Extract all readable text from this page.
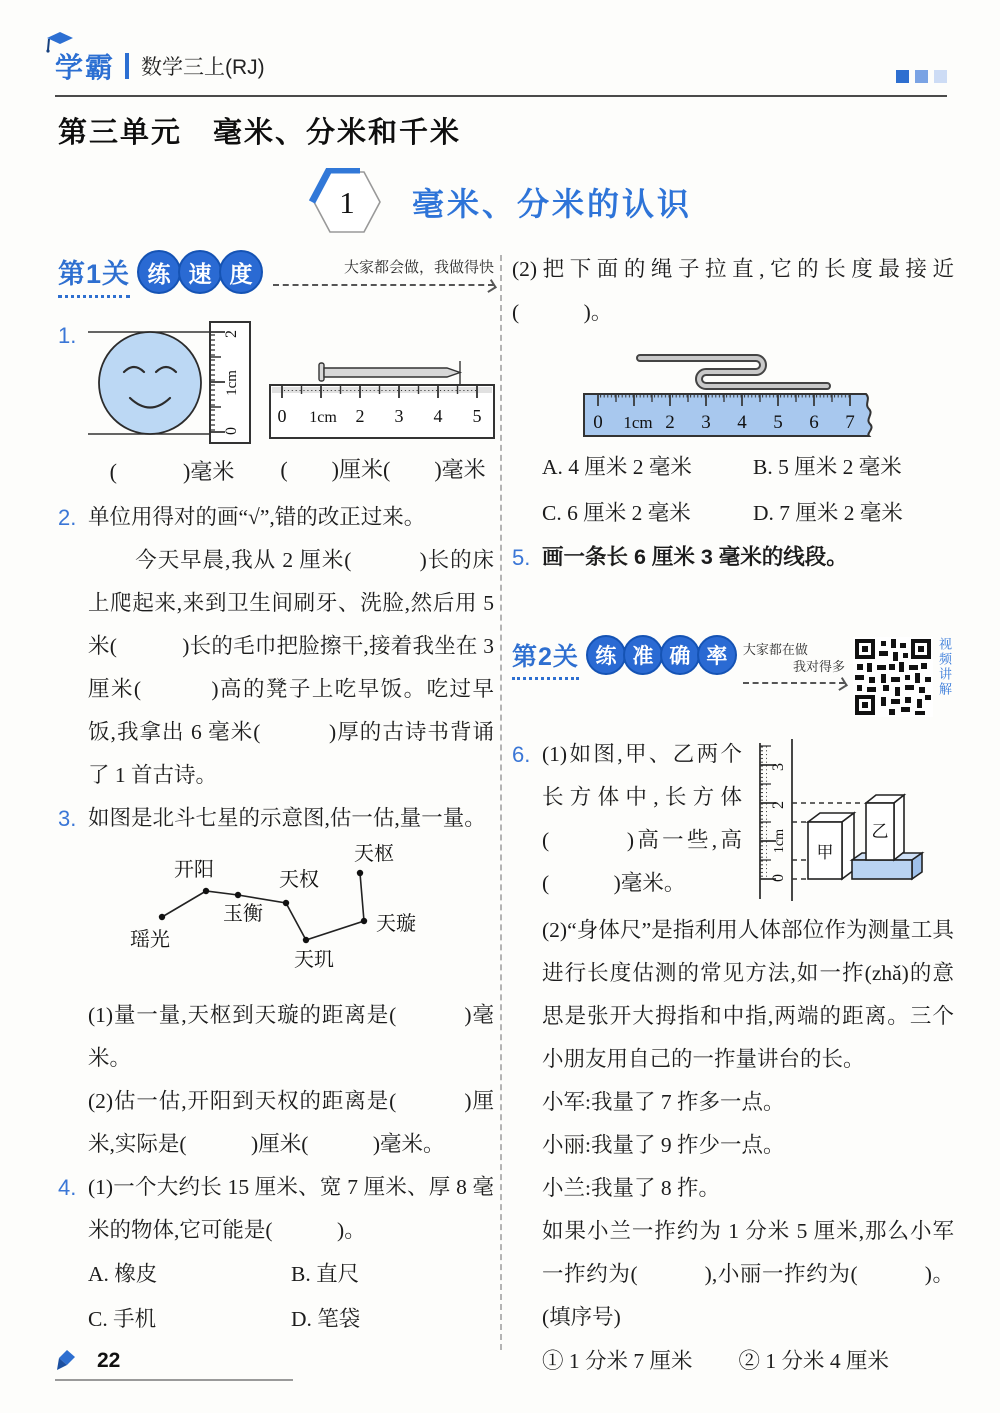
学霸 数学三上(RJ)
第三单元　毫米、分米和千米
1 毫米、分米的认识
第1关 练 速 度	大家都会做，我做得快
1.	2
1cm
0
(　　　)毫米
0 1cm 2 3 4 5
(　　)厘米(　　)毫米
2. 单位用得对的画“√”,错的改正过来。

今天早晨,我从 2 厘米(　　　)长的床上爬起来,来到卫生间刷牙、洗脸,然后用 5 米(　　　)长的毛巾把脸擦干,接着我坐在 3 厘米(　　　)高的凳子上吃早饭。吃过早饭,我拿出 6 毫米(　　　)厚的古诗书背诵了 1 首古诗。

3. 如图是北斗七星的示意图,估一估,量一量。

瑶光
开阳
玉衡
天权
天玑
天璇
天枢

(1)量一量,天枢到天璇的距离是(　　　)毫米。

(2)估一估,开阳到天权的距离是(　　　)厘米,实际是(　　　)厘米(　　　)毫米。

4. (1)一个大约长 15 厘米、宽 7 厘米、厚 8 毫米的物体,它可能是(　　　)。

A. 橡皮	B. 直尺
C. 手机	D. 笔袋

(2)把下面的绳子拉直,它的长度最接近(　　　)。

0 1cm 2 3 4 5 6 7
A. 4 厘米 2 毫米	B. 5 厘米 2 毫米
C. 6 厘米 2 毫米	D. 7 厘米 2 毫米
5. 画一条长 6 厘米 3 毫米的线段。

第2关 练 准 确 率	大家都在做
我对得多	视频讲解
6.	3
2
1cm
0
甲
乙

(1)如图,甲、乙两个长方体中,长方体(　　　)高一些,高(　　　)毫米。

(2)“身体尺”是指利用人体部位作为测量工具进行长度估测的常见方法,如一拃(zhǎ)的意思是张开大拇指和中指,两端的距离。三个小朋友用自己的一拃量讲台的长。

小军:我量了 7 拃多一点。

小丽:我量了 9 拃少一点。

小兰:我量了 8 拃。

如果小兰一拃约为 1 分米 5 厘米,那么小军一拃约为(　　　),小丽一拃约为(　　　)。(填序号)

① 1 分米 7 厘米 ② 1 分米 4 厘米
22
